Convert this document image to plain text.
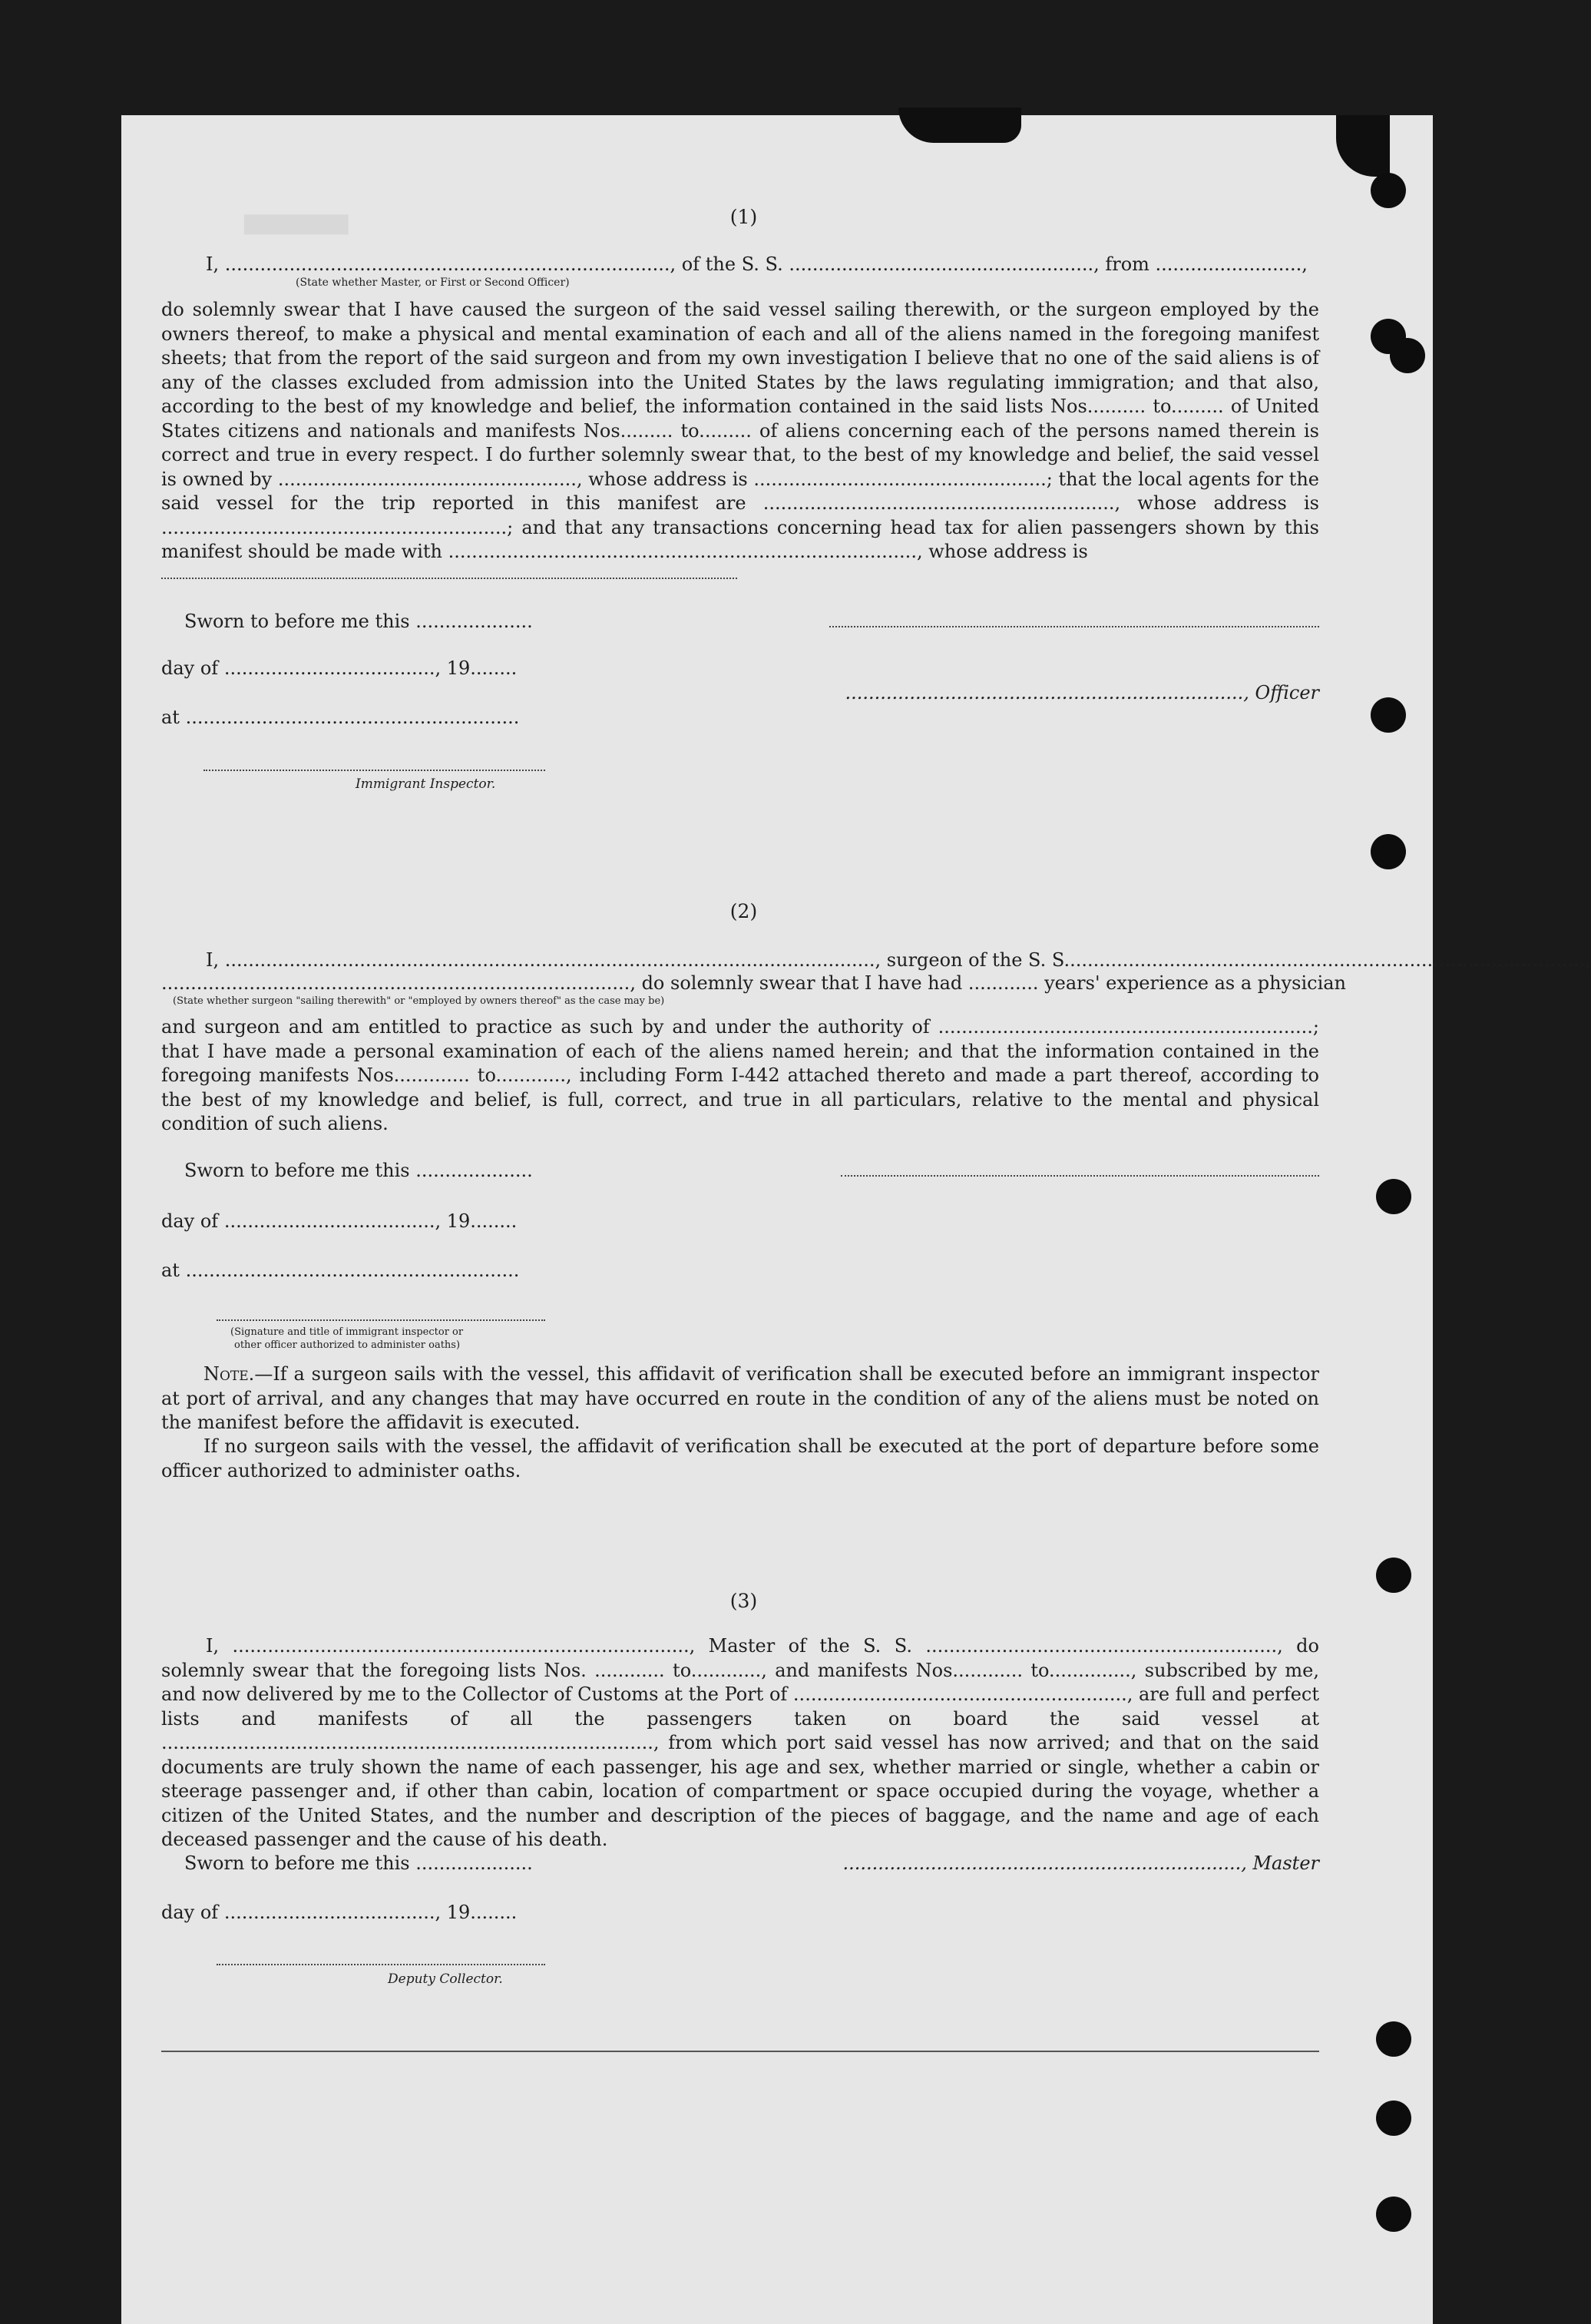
████████	(1)
I, ............................................................................, of the S. S. ...................................................., from .........................,
(State whether Master, or First or Second Officer)
do solemnly swear that I have caused the surgeon of the said vessel sailing therewith, or the surgeon employed by the owners thereof, to make a physical and mental examination of each and all of the aliens named in the foregoing manifest sheets; that from the report of the said surgeon and from my own investigation I believe that no one of the said aliens is of any of the classes excluded from admission into the United States by the laws regulating immigration; and that also, according to the best of my knowledge and belief, the information contained in the said lists Nos.......... to......... of United States citizens and nationals and manifests Nos......... to......... of aliens concerning each of the persons named therein is correct and true in every respect. I do further solemnly swear that, to the best of my knowledge and belief, the said vessel is owned by ..................................................., whose address is ..................................................; that the local agents for the said vessel for the trip reported in this manifest are ............................................................, whose address is ...........................................................; and that any transactions concerning head tax for alien passengers shown by this manifest should be made with ................................................................................, whose address is
Sworn to before me this ....................
day of ...................................., 19........
at .........................................................
Immigrant Inspector.
...................................................................., Officer
(2)
I, ..............................................................................................................., surgeon of the S. S.........................................................................................,
................................................................................, do solemnly swear that I have had ............ years' experience as a physician
(State whether surgeon "sailing therewith" or "employed by owners thereof" as the case may be)
and surgeon and am entitled to practice as such by and under the authority of ................................................................; that I have made a personal examination of each of the aliens named herein; and that the information contained in the foregoing manifests Nos............. to............, including Form I-442 attached thereto and made a part thereof, according to the best of my knowledge and belief, is full, correct, and true in all particulars, relative to the mental and physical condition of such aliens.
Sworn to before me this ....................
day of ...................................., 19........
at .........................................................
(Signature and title of immigrant inspector or
other officer authorized to administer oaths)
Note.—If a surgeon sails with the vessel, this affidavit of verification shall be executed before an immigrant inspector at port of arrival, and any changes that may have occurred en route in the condition of any of the aliens must be noted on the manifest before the affidavit is executed.
If no surgeon sails with the vessel, the affidavit of verification shall be executed at the port of departure before some officer authorized to administer oaths.
(3)
I, .............................................................................., Master of the S. S. ............................................................, do solemnly swear that the foregoing lists Nos. ............ to............, and manifests Nos............ to.............., subscribed by me, and now delivered by me to the Collector of Customs at the Port of ........................................................., are full and perfect lists and manifests of all the passengers taken on board the said vessel at ...................................................................................., from which port said vessel has now arrived; and that on the said documents are truly shown the name of each passenger, his age and sex, whether married or single, whether a cabin or steerage passenger and, if other than cabin, location of compartment or space occupied during the voyage, whether a citizen of the United States, and the number and description of the pieces of baggage, and the name and age of each deceased passenger and the cause of his death.
Sworn to before me this ....................	...................................................................., Master
day of ...................................., 19........
Deputy Collector.
